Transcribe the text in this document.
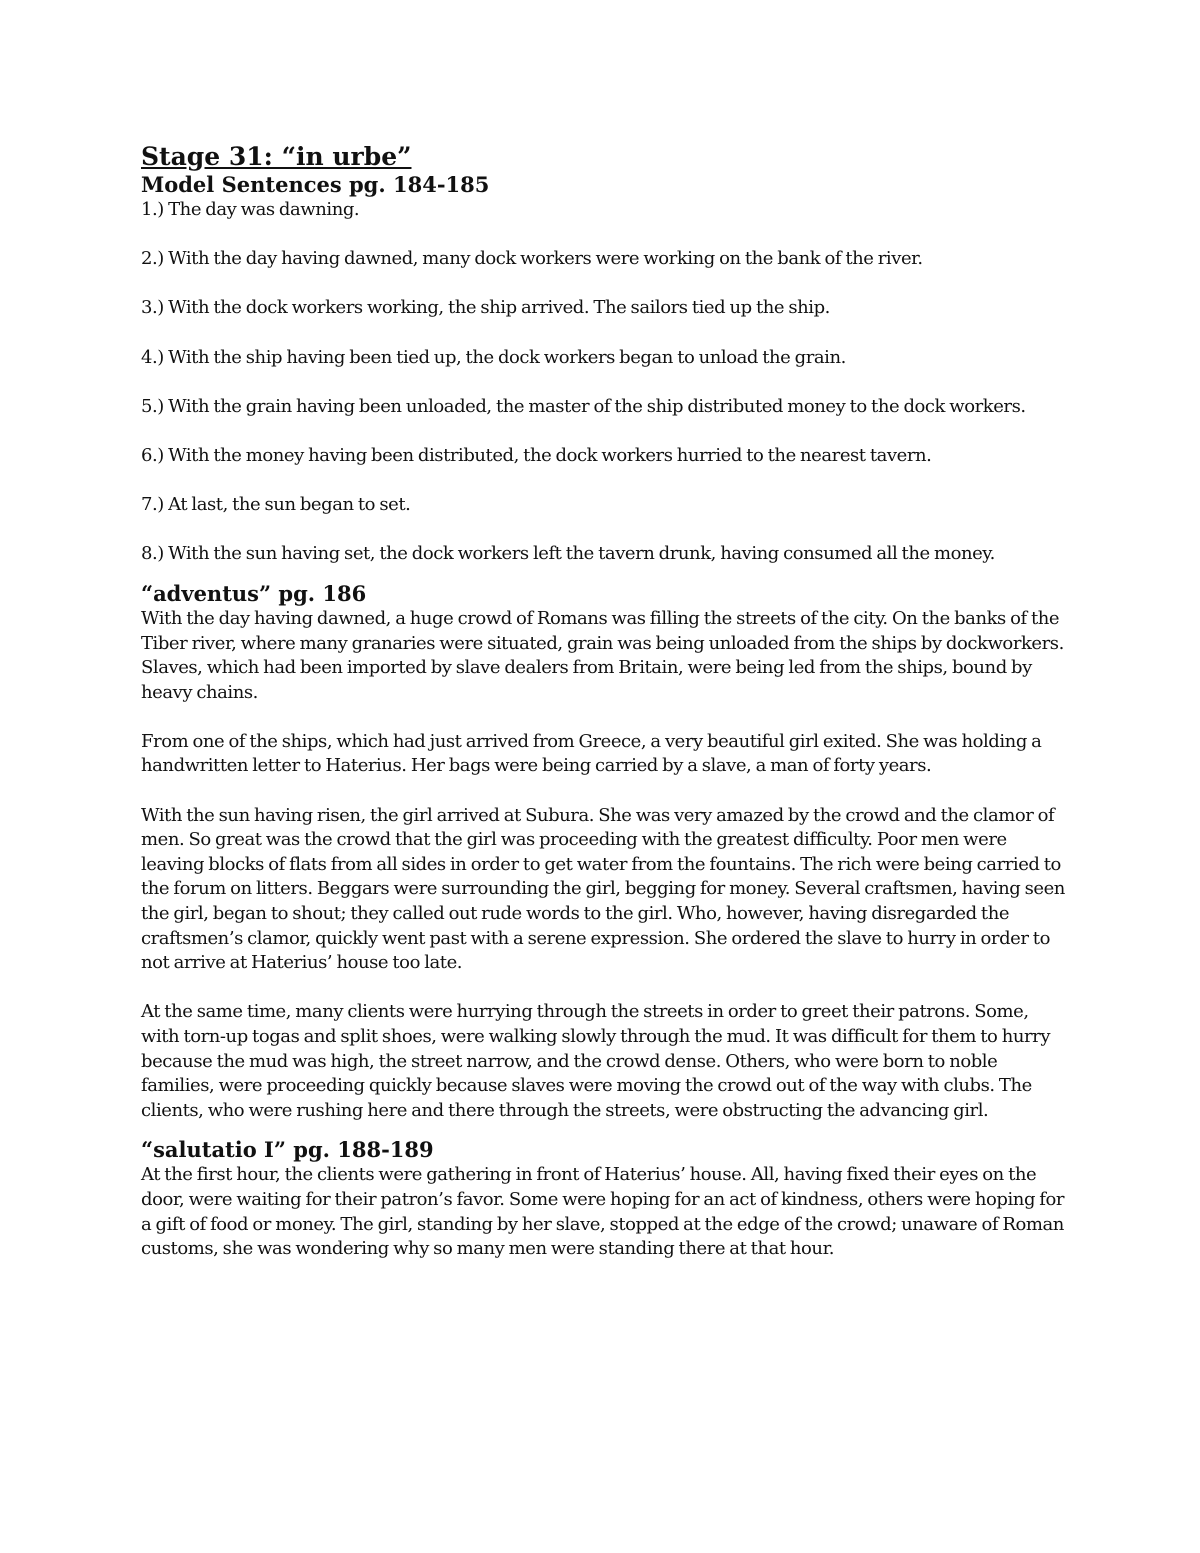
Stage 31: “in urbe”
Model Sentences pg. 184-185

1.) The day was dawning.

2.) With the day having dawned, many dock workers were working on the bank of the river.

3.) With the dock workers working, the ship arrived. The sailors tied up the ship.

4.) With the ship having been tied up, the dock workers began to unload the grain.

5.) With the grain having been unloaded, the master of the ship distributed money to the dock workers.

6.) With the money having been distributed, the dock workers hurried to the nearest tavern.

7.) At last, the sun began to set.

8.) With the sun having set, the dock workers left the tavern drunk, having consumed all the money.

“adventus” pg. 186

With the day having dawned, a huge crowd of Romans was filling the streets of the city. On the banks of the Tiber river, where many granaries were situated, grain was being unloaded from the ships by dockworkers. Slaves, which had been imported by slave dealers from Britain, were being led from the ships, bound by heavy chains.

From one of the ships, which had just arrived from Greece, a very beautiful girl exited. She was holding a handwritten letter to Haterius. Her bags were being carried by a slave, a man of forty years.

With the sun having risen, the girl arrived at Subura. She was very amazed by the crowd and the clamor of men. So great was the crowd that the girl was proceeding with the greatest difficulty. Poor men were leaving blocks of flats from all sides in order to get water from the fountains. The rich were being carried to the forum on litters. Beggars were surrounding the girl, begging for money. Several craftsmen, having seen the girl, began to shout; they called out rude words to the girl. Who, however, having disregarded the craftsmen’s clamor, quickly went past with a serene expression. She ordered the slave to hurry in order to not arrive at Haterius’ house too late.

At the same time, many clients were hurrying through the streets in order to greet their patrons. Some, with torn-up togas and split shoes, were walking slowly through the mud. It was difficult for them to hurry because the mud was high, the street narrow, and the crowd dense. Others, who were born to noble families, were proceeding quickly because slaves were moving the crowd out of the way with clubs. The clients, who were rushing here and there through the streets, were obstructing the advancing girl.

“salutatio I” pg. 188-189

At the first hour, the clients were gathering in front of Haterius’ house. All, having fixed their eyes on the door, were waiting for their patron’s favor. Some were hoping for an act of kindness, others were hoping for a gift of food or money. The girl, standing by her slave, stopped at the edge of the crowd; unaware of Roman customs, she was wondering why so many men were standing there at that hour.
